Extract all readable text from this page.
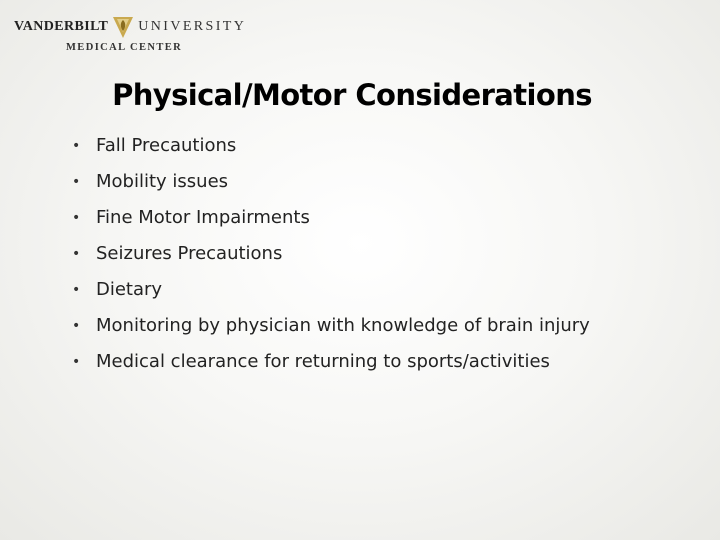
VANDERBILT UNIVERSITY
MEDICAL CENTER
Physical/Motor Considerations
• Fall Precautions
• Mobility issues
• Fine Motor Impairments
• Seizures Precautions
• Dietary
• Monitoring by physician with knowledge of brain injury
• Medical clearance for returning to sports/activities
